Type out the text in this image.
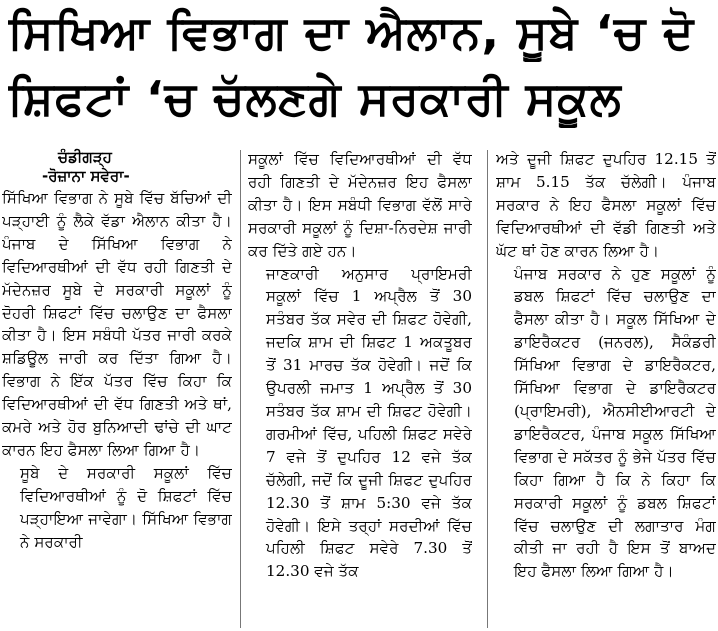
ਸਿਖਿਆ ਵਿਭਾਗ ਦਾ ਐਲਾਨ, ਸੂਬੇ ‘ਚ ਦੋ
ਸ਼ਿਫਟਾਂ ‘ਚ ਚੱਲਣਗੇ ਸਰਕਾਰੀ ਸਕੂਲ
ਚੰਡੀਗੜ੍ਹ
-ਰੋਜ਼ਾਨਾ ਸਵੇਰਾ-

ਸਿੱਖਿਆ ਵਿਭਾਗ ਨੇ ਸੂਬੇ ਵਿੱਚ ਬੱਚਿਆਂ ਦੀ ਪੜ੍ਹਾਈ ਨੂੰ ਲੈਕੇ ਵੱਡਾ ਐਲਾਨ ਕੀਤਾ ਹੈ। ਪੰਜਾਬ ਦੇ ਸਿੱਖਿਆ ਵਿਭਾਗ ਨੇ ਵਿਦਿਆਰਥੀਆਂ ਦੀ ਵੱਧ ਰਹੀ ਗਿਣਤੀ ਦੇ ਮੱਦੇਨਜ਼ਰ ਸੂਬੇ ਦੇ ਸਰਕਾਰੀ ਸਕੂਲਾਂ ਨੂੰ ਦੋਹਰੀ ਸ਼ਿਫਟਾਂ ਵਿੱਚ ਚਲਾਉਣ ਦਾ ਫੈਸਲਾ ਕੀਤਾ ਹੈ। ਇਸ ਸਬੰਧੀ ਪੱਤਰ ਜਾਰੀ ਕਰਕੇ ਸ਼ਡਿਊਲ ਜਾਰੀ ਕਰ ਦਿੱਤਾ ਗਿਆ ਹੈ। ਵਿਭਾਗ ਨੇ ਇੱਕ ਪੱਤਰ ਵਿੱਚ ਕਿਹਾ ਕਿ ਵਿਦਿਆਰਥੀਆਂ ਦੀ ਵੱਧ ਗਿਣਤੀ ਅਤੇ ਥਾਂ, ਕਮਰੇ ਅਤੇ ਹੋਰ ਬੁਨਿਆਦੀ ਢਾਂਚੇ ਦੀ ਘਾਟ ਕਾਰਨ ਇਹ ਫੈਸਲਾ ਲਿਆ ਗਿਆ ਹੈ।

ਸੂਬੇ ਦੇ ਸਰਕਾਰੀ ਸਕੂਲਾਂ ਵਿੱਚ ਵਿਦਿਆਰਥੀਆਂ ਨੂੰ ਦੋ ਸ਼ਿਫਟਾਂ ਵਿੱਚ ਪੜ੍ਹਾਇਆ ਜਾਵੇਗਾ। ਸਿੱਖਿਆ ਵਿਭਾਗ ਨੇ ਸਰਕਾਰੀ

ਸਕੂਲਾਂ ਵਿੱਚ ਵਿਦਿਆਰਥੀਆਂ ਦੀ ਵੱਧ ਰਹੀ ਗਿਣਤੀ ਦੇ ਮੱਦੇਨਜ਼ਰ ਇਹ ਫੈਸਲਾ ਕੀਤਾ ਹੈ। ਇਸ ਸਬੰਧੀ ਵਿਭਾਗ ਵੱਲੋਂ ਸਾਰੇ ਸਰਕਾਰੀ ਸਕੂਲਾਂ ਨੂੰ ਦਿਸ਼ਾ-ਨਿਰਦੇਸ਼ ਜਾਰੀ ਕਰ ਦਿੱਤੇ ਗਏ ਹਨ।

ਜਾਣਕਾਰੀ ਅਨੁਸਾਰ ਪ੍ਰਾਇਮਰੀ ਸਕੂਲਾਂ ਵਿੱਚ 1 ਅਪ੍ਰੈਲ ਤੋਂ 30 ਸਤੰਬਰ ਤੱਕ ਸਵੇਰ ਦੀ ਸ਼ਿਫਟ ਹੋਵੇਗੀ, ਜਦਕਿ ਸ਼ਾਮ ਦੀ ਸ਼ਿਫਟ 1 ਅਕਤੂਬਰ ਤੋਂ 31 ਮਾਰਚ ਤੱਕ ਹੋਵੇਗੀ। ਜਦੋਂ ਕਿ ਉਪਰਲੀ ਜਮਾਤ 1 ਅਪ੍ਰੈਲ ਤੋਂ 30 ਸਤੰਬਰ ਤੱਕ ਸ਼ਾਮ ਦੀ ਸ਼ਿਫਟ ਹੋਵੇਗੀ। ਗਰਮੀਆਂ ਵਿੱਚ, ਪਹਿਲੀ ਸ਼ਿਫਟ ਸਵੇਰੇ 7 ਵਜੇ ਤੋਂ ਦੁਪਹਿਰ 12 ਵਜੇ ਤੱਕ ਚੱਲੇਗੀ, ਜਦੋਂ ਕਿ ਦੂਜੀ ਸ਼ਿਫਟ ਦੁਪਹਿਰ 12.30 ਤੋਂ ਸ਼ਾਮ 5:30 ਵਜੇ ਤੱਕ ਹੋਵੇਗੀ। ਇਸੇ ਤਰ੍ਹਾਂ ਸਰਦੀਆਂ ਵਿੱਚ ਪਹਿਲੀ ਸ਼ਿਫਟ ਸਵੇਰੇ 7.30 ਤੋਂ 12.30 ਵਜੇ ਤੱਕ

ਅਤੇ ਦੂਜੀ ਸ਼ਿਫਟ ਦੁਪਹਿਰ 12.15 ਤੋਂ ਸ਼ਾਮ 5.15 ਤੱਕ ਚੱਲੇਗੀ। ਪੰਜਾਬ ਸਰਕਾਰ ਨੇ ਇਹ ਫੈਸਲਾ ਸਕੂਲਾਂ ਵਿੱਚ ਵਿਦਿਆਰਥੀਆਂ ਦੀ ਵੱਡੀ ਗਿਣਤੀ ਅਤੇ ਘੱਟ ਥਾਂ ਹੋਣ ਕਾਰਨ ਲਿਆ ਹੈ।

ਪੰਜਾਬ ਸਰਕਾਰ ਨੇ ਹੁਣ ਸਕੂਲਾਂ ਨੂੰ ਡਬਲ ਸ਼ਿਫਟਾਂ ਵਿੱਚ ਚਲਾਉਣ ਦਾ ਫੈਸਲਾ ਕੀਤਾ ਹੈ। ਸਕੂਲ ਸਿੱਖਿਆ ਦੇ ਡਾਇਰੈਕਟਰ (ਜਨਰਲ), ਸੈਕੰਡਰੀ ਸਿੱਖਿਆ ਵਿਭਾਗ ਦੇ ਡਾਇਰੈਕਟਰ, ਸਿੱਖਿਆ ਵਿਭਾਗ ਦੇ ਡਾਇਰੈਕਟਰ (ਪ੍ਰਾਇਮਰੀ), ਐਨਸੀਈਆਰਟੀ ਦੇ ਡਾਇਰੈਕਟਰ, ਪੰਜਾਬ ਸਕੂਲ ਸਿੱਖਿਆ ਵਿਭਾਗ ਦੇ ਸਕੱਤਰ ਨੂੰ ਭੇਜੇ ਪੱਤਰ ਵਿੱਚ ਕਿਹਾ ਗਿਆ ਹੈ ਕਿ ਨੇ ਕਿਹਾ ਕਿ ਸਰਕਾਰੀ ਸਕੂਲਾਂ ਨੂੰ ਡਬਲ ਸ਼ਿਫਟਾਂ ਵਿੱਚ ਚਲਾਉਣ ਦੀ ਲਗਾਤਾਰ ਮੰਗ ਕੀਤੀ ਜਾ ਰਹੀ ਹੈ ਇਸ ਤੋਂ ਬਾਅਦ ਇਹ ਫੈਸਲਾ ਲਿਆ ਗਿਆ ਹੈ।
